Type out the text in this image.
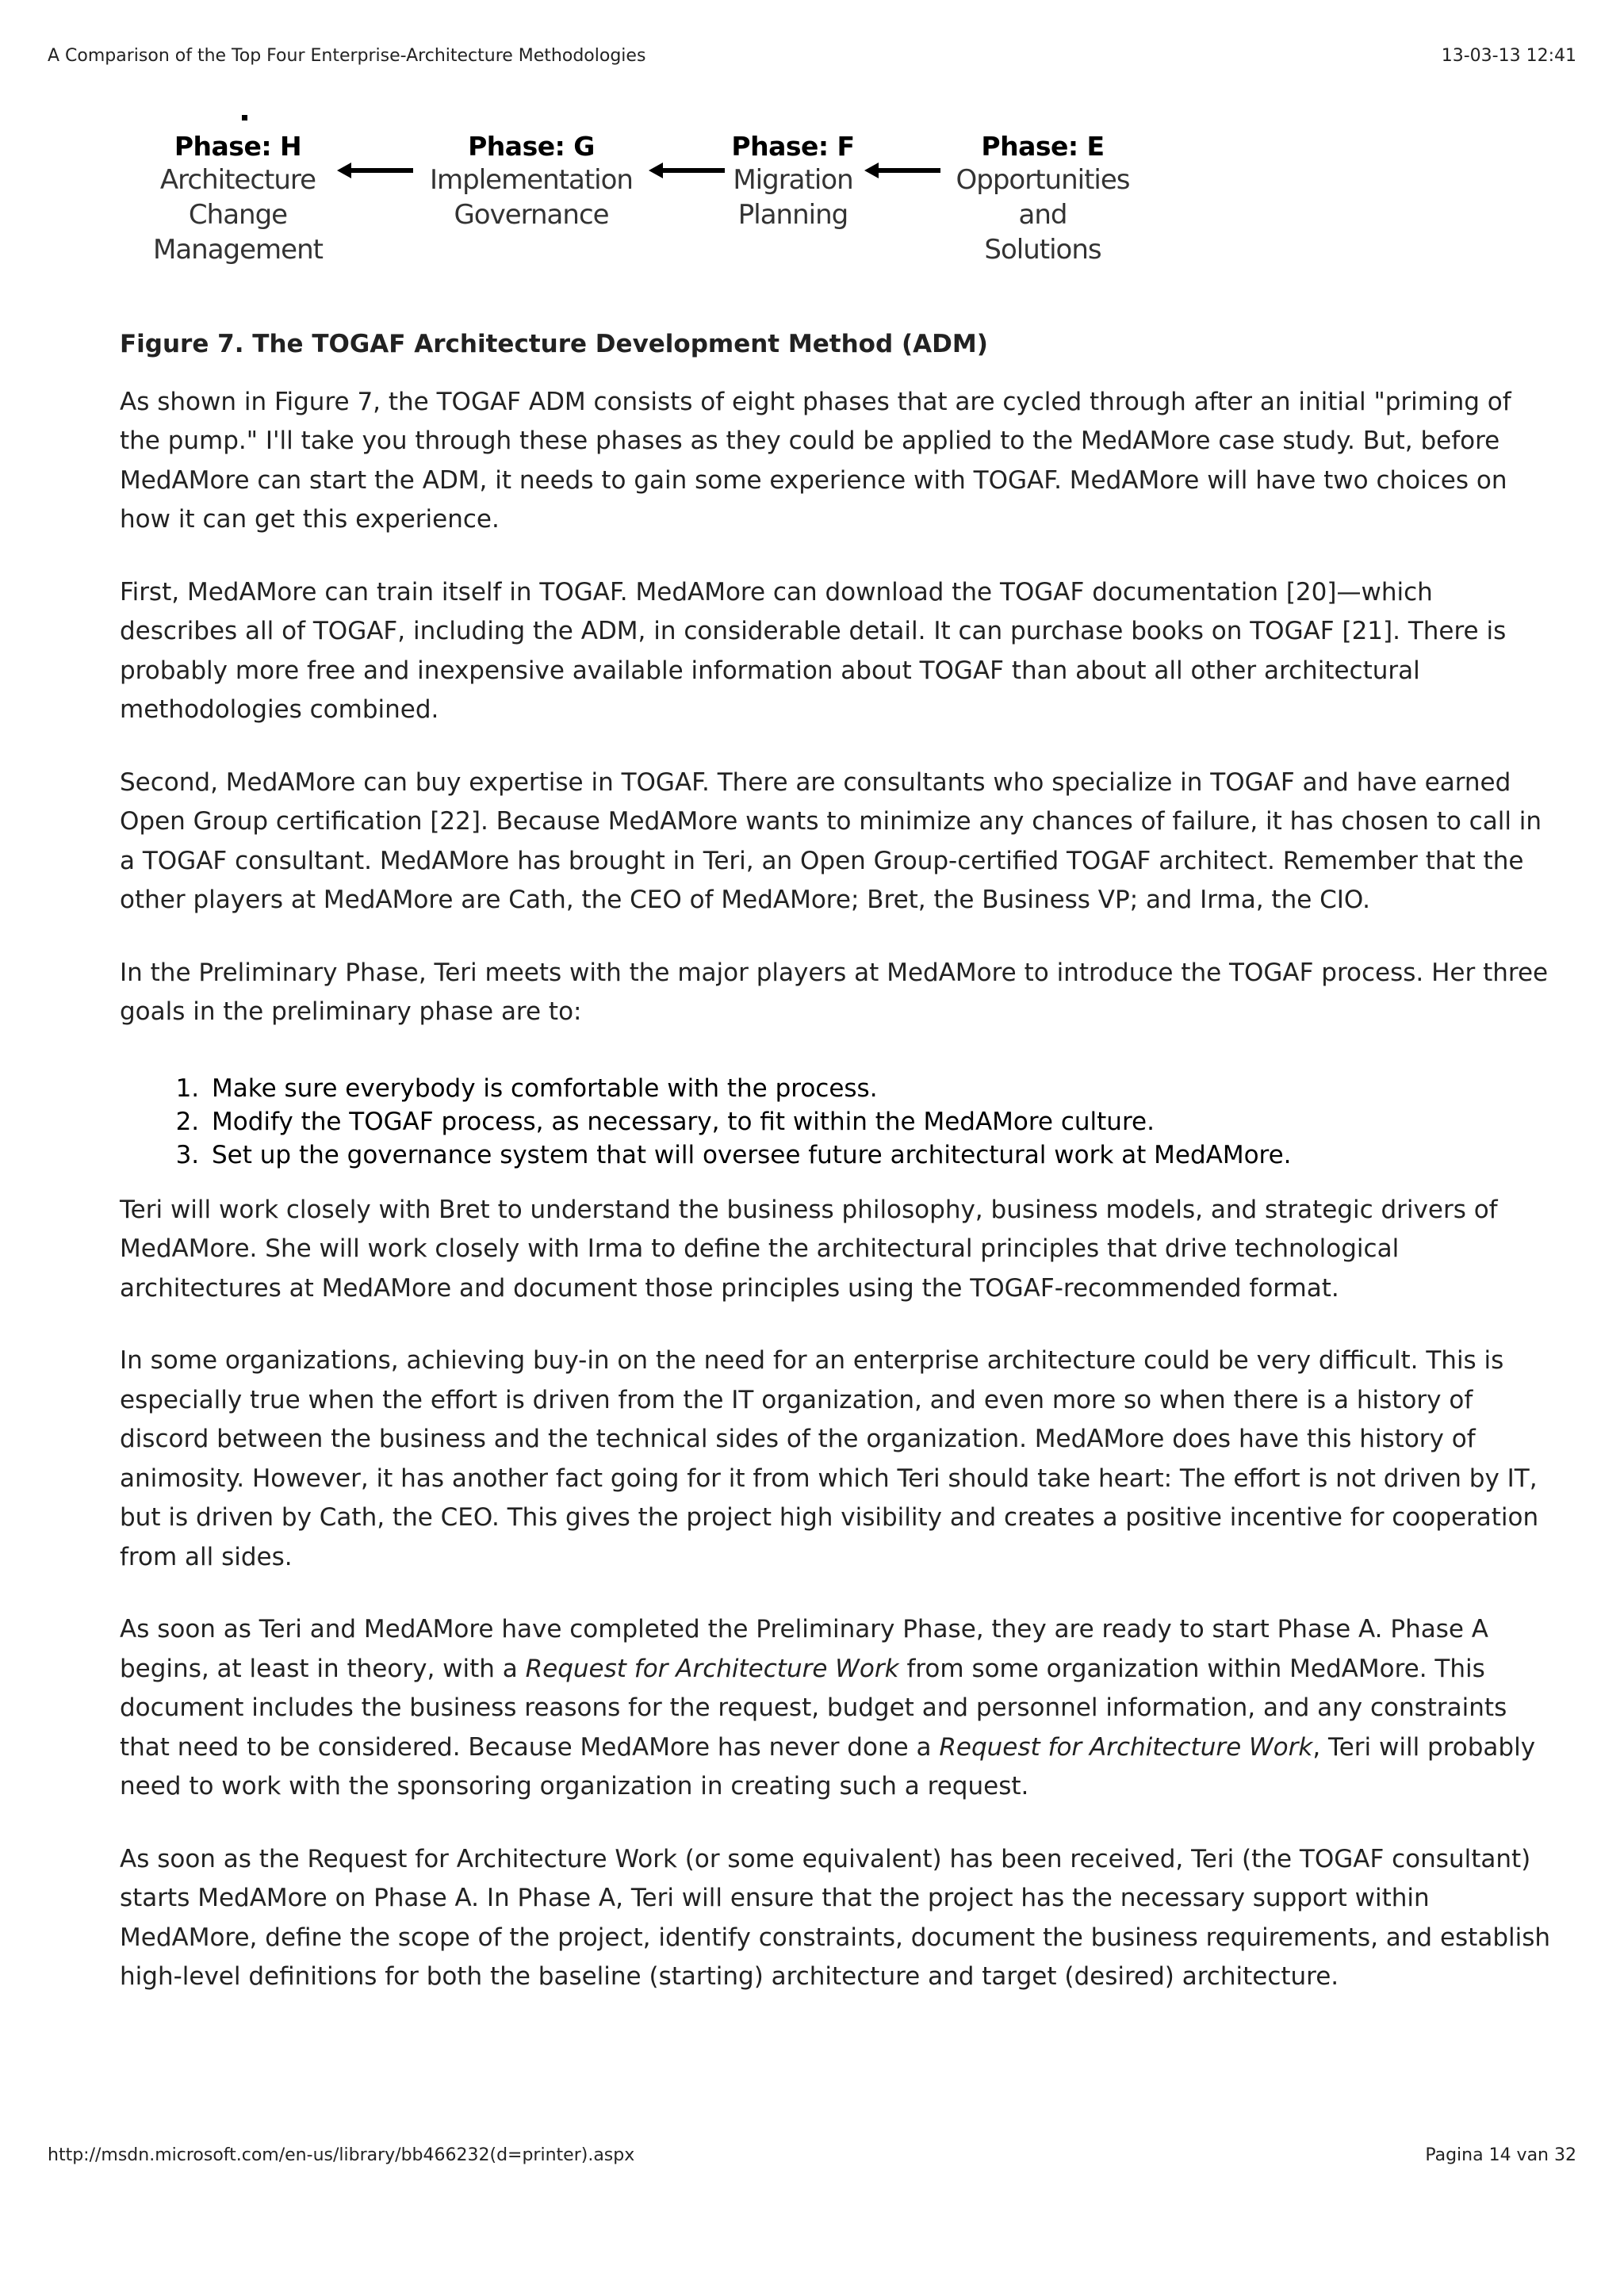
A Comparison of the Top Four Enterprise-Architecture Methodologies	13-03-13 12:41
Phase: H
Architecture
Change
Management
Phase: G
Implementation
Governance
Phase: F
Migration
Planning
Phase: E
Opportunities
and
Solutions

Figure 7. The TOGAF Architecture Development Method (ADM)

As shown in Figure 7, the TOGAF ADM consists of eight phases that are cycled through after an initial "priming of the pump." I'll take you through these phases as they could be applied to the MedAMore case study. But, before MedAMore can start the ADM, it needs to gain some experience with TOGAF. MedAMore will have two choices on how it can get this experience.

First, MedAMore can train itself in TOGAF. MedAMore can download the TOGAF documentation [20]—which describes all of TOGAF, including the ADM, in considerable detail. It can purchase books on TOGAF [21]. There is probably more free and inexpensive available information about TOGAF than about all other architectural methodologies combined.

Second, MedAMore can buy expertise in TOGAF. There are consultants who specialize in TOGAF and have earned Open Group certification [22]. Because MedAMore wants to minimize any chances of failure, it has chosen to call in a TOGAF consultant. MedAMore has brought in Teri, an Open Group-certified TOGAF architect. Remember that the other players at MedAMore are Cath, the CEO of MedAMore; Bret, the Business VP; and Irma, the CIO.

In the Preliminary Phase, Teri meets with the major players at MedAMore to introduce the TOGAF process. Her three goals in the preliminary phase are to:

1. Make sure everybody is comfortable with the process.
2. Modify the TOGAF process, as necessary, to fit within the MedAMore culture.
3. Set up the governance system that will oversee future architectural work at MedAMore.

Teri will work closely with Bret to understand the business philosophy, business models, and strategic drivers of MedAMore. She will work closely with Irma to define the architectural principles that drive technological architectures at MedAMore and document those principles using the TOGAF-recommended format.

In some organizations, achieving buy-in on the need for an enterprise architecture could be very difficult. This is especially true when the effort is driven from the IT organization, and even more so when there is a history of discord between the business and the technical sides of the organization. MedAMore does have this history of animosity. However, it has another fact going for it from which Teri should take heart: The effort is not driven by IT, but is driven by Cath, the CEO. This gives the project high visibility and creates a positive incentive for cooperation from all sides.

As soon as Teri and MedAMore have completed the Preliminary Phase, they are ready to start Phase A. Phase A begins, at least in theory, with a Request for Architecture Work from some organization within MedAMore. This document includes the business reasons for the request, budget and personnel information, and any constraints that need to be considered. Because MedAMore has never done a Request for Architecture Work, Teri will probably need to work with the sponsoring organization in creating such a request.

As soon as the Request for Architecture Work (or some equivalent) has been received, Teri (the TOGAF consultant) starts MedAMore on Phase A. In Phase A, Teri will ensure that the project has the necessary support within MedAMore, define the scope of the project, identify constraints, document the business requirements, and establish high-level definitions for both the baseline (starting) architecture and target (desired) architecture.

http://msdn.microsoft.com/en-us/library/bb466232(d=printer).aspx	Pagina 14 van 32
